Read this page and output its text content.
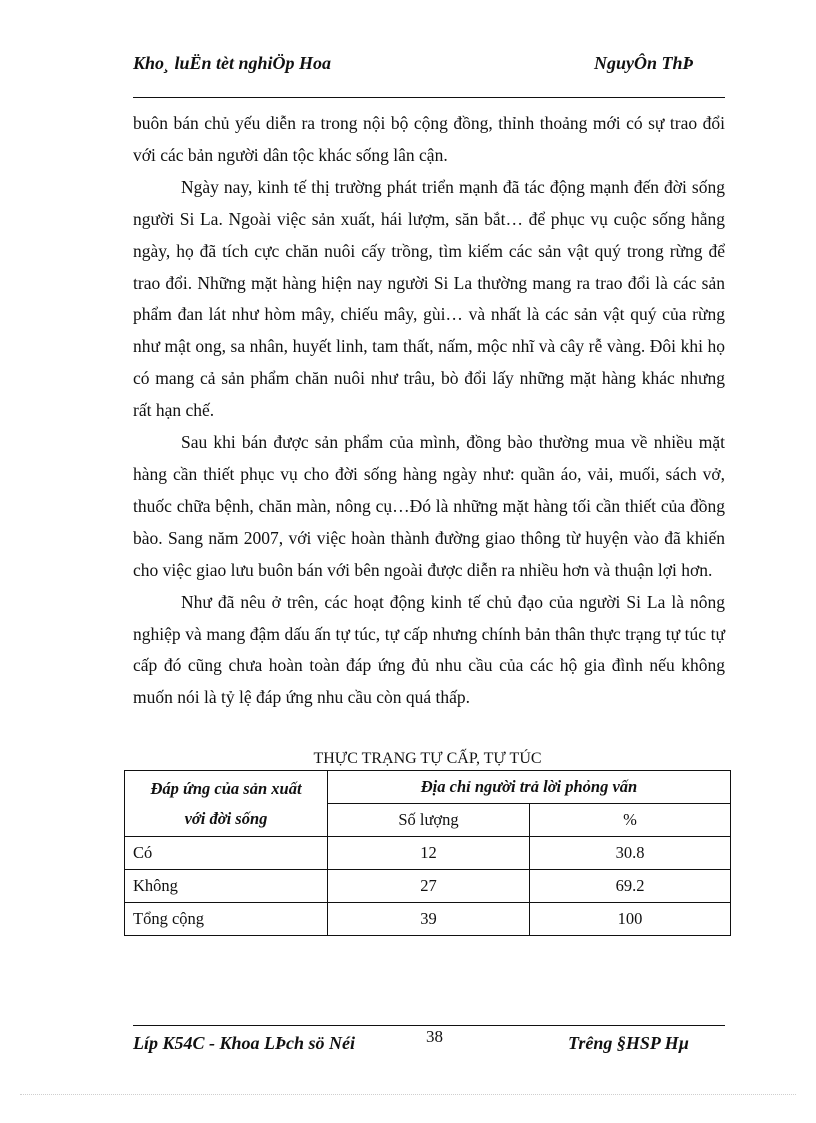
Kho¸ luËn tèt nghiÖp Hoa	NguyÔn ThÞ

buôn bán chủ yếu diễn ra trong nội bộ cộng đồng, thỉnh thoảng mới có sự trao đổi với các bản người dân tộc khác sống lân cận.

Ngày nay, kinh tế thị trường phát triển mạnh đã tác động mạnh đến đời sống người Si La. Ngoài việc sản xuất, hái lượm, săn bắt… để phục vụ cuộc sống hằng ngày, họ đã tích cực chăn nuôi cấy trồng, tìm kiếm các sản vật quý trong rừng để trao đổi. Những mặt hàng hiện nay người Si La thường mang ra trao đổi là các sản phẩm đan lát như hòm mây, chiếu mây, gùi… và nhất là các sản vật quý của rừng như mật ong, sa nhân, huyết linh, tam thất, nấm, mộc nhĩ và cây rễ vàng. Đôi khi họ có mang cả sản phẩm chăn nuôi như trâu, bò đổi lấy những mặt hàng khác nhưng rất hạn chế.

Sau khi bán được sản phẩm của mình, đồng bào thường mua về nhiều mặt hàng cần thiết phục vụ cho đời sống hàng ngày như: quần áo, vải, muối, sách vở, thuốc chữa bệnh, chăn màn, nông cụ…Đó là những mặt hàng tối cần thiết của đồng bào. Sang năm 2007, với việc hoàn thành đường giao thông từ huyện vào đã khiến cho việc giao lưu buôn bán với bên ngoài được diễn ra nhiều hơn và thuận lợi hơn.

Như đã nêu ở trên, các hoạt động kinh tế chủ đạo của người Si La là nông nghiệp và mang đậm dấu ấn tự túc, tự cấp nhưng chính bản thân thực trạng tự túc tự cấp đó cũng chưa hoàn toàn đáp ứng đủ nhu cầu của các hộ gia đình nếu không muốn nói là tỷ lệ đáp ứng nhu cầu còn quá thấp.

THỰC TRẠNG TỰ CẤP, TỰ TÚC
Đáp ứng của sản xuất
với đời sống	Địa chỉ người trả lời phỏng vấn	
	Số lượng	%
Có	12	30.8
Không	27	69.2
Tổng cộng	39	100
Líp K54C - Khoa LÞch sö Néi	38	Trêng §HSP Hµ
